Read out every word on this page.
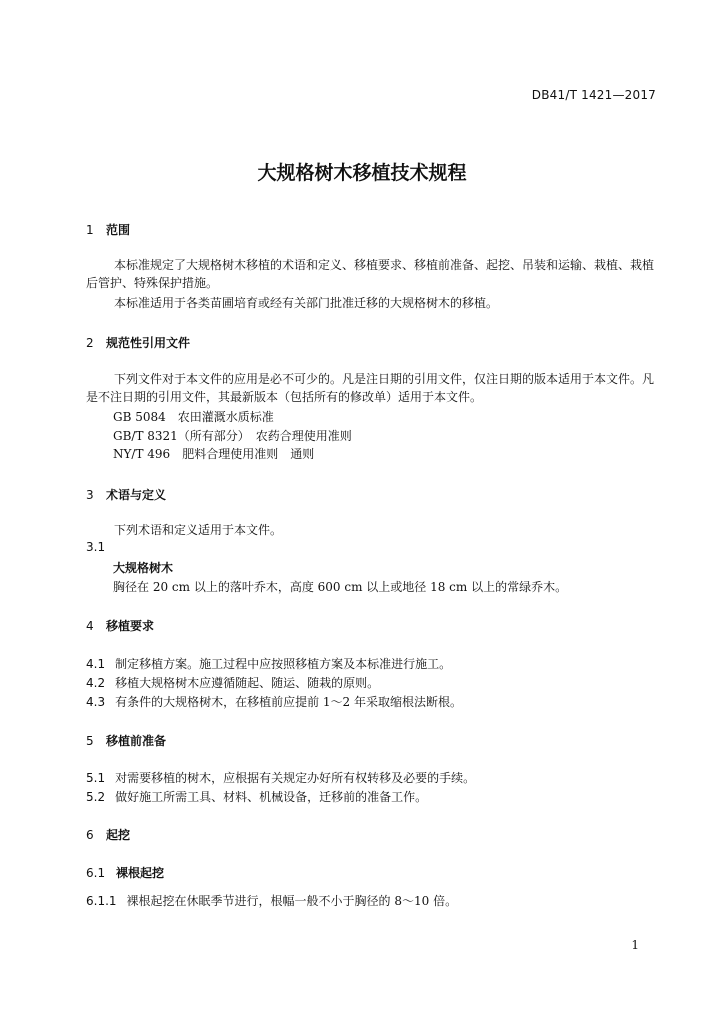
DB41/T 1421—2017
大规格树木移植技术规程
1 范围
本标准规定了大规格树木移植的术语和定义、移植要求、移植前准备、起挖、吊装和运输、栽植、栽植后管护、特殊保护措施。
本标准适用于各类苗圃培育或经有关部门批准迁移的大规格树木的移植。
2 规范性引用文件
下列文件对于本文件的应用是必不可少的。凡是注日期的引用文件，仅注日期的版本适用于本文件。凡是不注日期的引用文件，其最新版本（包括所有的修改单）适用于本文件。
GB 5084　农田灌溉水质标准
GB/T 8321（所有部分）　农药合理使用准则
NY/T 496　肥料合理使用准则　通则
3 术语与定义
下列术语和定义适用于本文件。
3.1
大规格树木
胸径在 20 cm 以上的落叶乔木，高度 600 cm 以上或地径 18 cm 以上的常绿乔木。
4 移植要求
4.1 制定移植方案。施工过程中应按照移植方案及本标准进行施工。
4.2 移植大规格树木应遵循随起、随运、随栽的原则。
4.3 有条件的大规格树木，在移植前应提前 1～2 年采取缩根法断根。
5 移植前准备
5.1 对需要移植的树木，应根据有关规定办好所有权转移及必要的手续。
5.2 做好施工所需工具、材料、机械设备，迁移前的准备工作。
6 起挖
6.1 裸根起挖
6.1.1 裸根起挖在休眠季节进行，根幅一般不小于胸径的 8～10 倍。
1
